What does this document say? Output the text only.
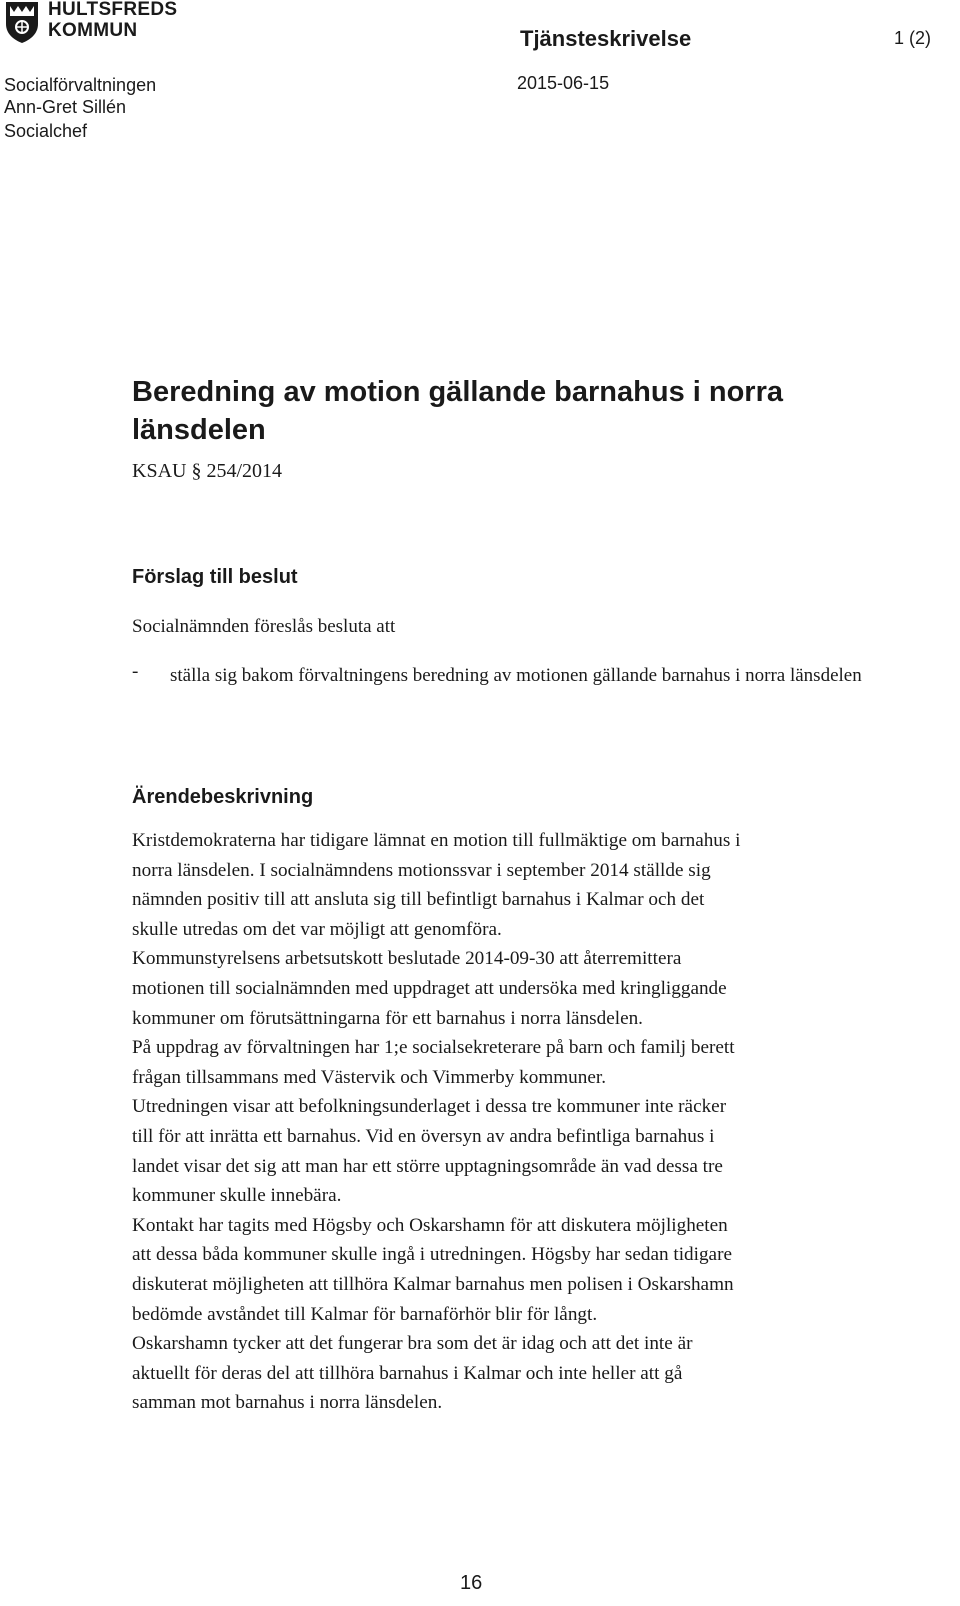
HULTSFREDS
KOMMUN	Tjänsteskrivelse	1 (2)
Socialförvaltningen	2015-06-15
Ann-Gret Sillén
Socialchef
Beredning av motion gällande barnahus i norra länsdelen
KSAU § 254/2014
Förslag till beslut
Socialnämnden föreslås besluta att
- ställa sig bakom förvaltningens beredning av motionen gällande barnahus i norra länsdelen
Ärendebeskrivning
Kristdemokraterna har tidigare lämnat en motion till fullmäktige om barnahus i
norra länsdelen. I socialnämndens motionssvar i september 2014 ställde sig
nämnden positiv till att ansluta sig till befintligt barnahus i Kalmar och det
skulle utredas om det var möjligt att genomföra.
Kommunstyrelsens arbetsutskott beslutade 2014-09-30 att återremittera
motionen till socialnämnden med uppdraget att undersöka med kringliggande
kommuner om förutsättningarna för ett barnahus i norra länsdelen.
På uppdrag av förvaltningen har 1;e socialsekreterare på barn och familj berett
frågan tillsammans med Västervik och Vimmerby kommuner.
Utredningen visar att befolkningsunderlaget i dessa tre kommuner inte räcker
till för att inrätta ett barnahus. Vid en översyn av andra befintliga barnahus i
landet visar det sig att man har ett större upptagningsområde än vad dessa tre
kommuner skulle innebära.
Kontakt har tagits med Högsby och Oskarshamn för att diskutera möjligheten
att dessa båda kommuner skulle ingå i utredningen. Högsby har sedan tidigare
diskuterat möjligheten att tillhöra Kalmar barnahus men polisen i Oskarshamn
bedömde avståndet till Kalmar för barnaförhör blir för långt.
Oskarshamn tycker att det fungerar bra som det är idag och att det inte är
aktuellt för deras del att tillhöra barnahus i Kalmar och inte heller att gå
samman mot barnahus i norra länsdelen.
16
